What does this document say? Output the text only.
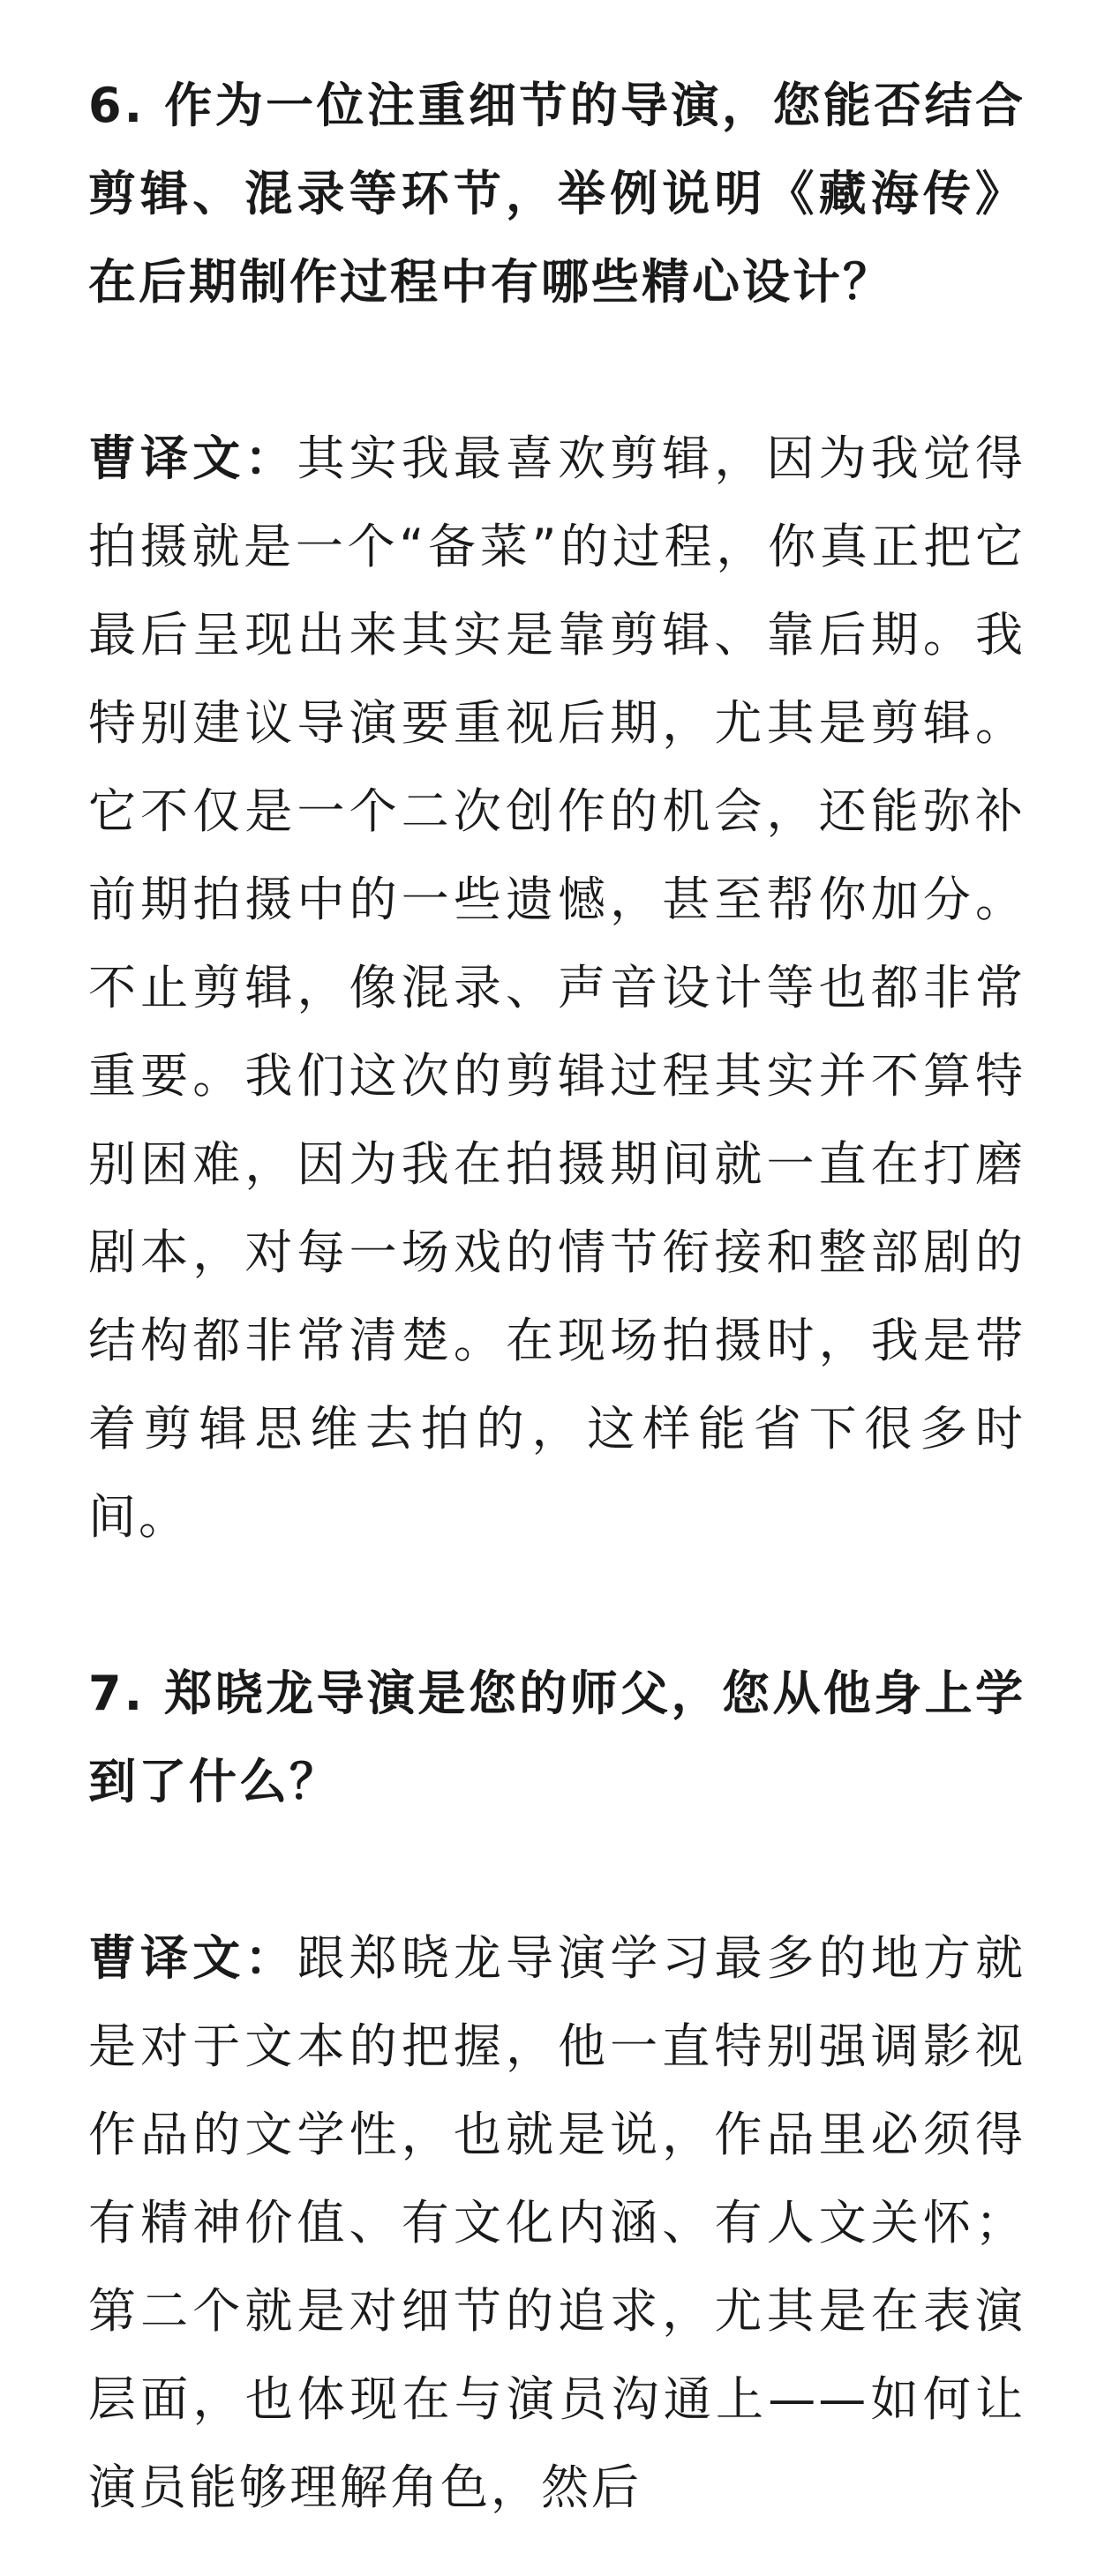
6. 作为一位注重细节的导演，您能否结合剪辑、混录等环节，举例说明《藏海传》在后期制作过程中有哪些精心设计？

曹译文：其实我最喜欢剪辑，因为我觉得拍摄就是一个“备菜”的过程，你真正把它最后呈现出来其实是靠剪辑、靠后期。我特别建议导演要重视后期，尤其是剪辑。它不仅是一个二次创作的机会，还能弥补前期拍摄中的一些遗憾，甚至帮你加分。不止剪辑，像混录、声音设计等也都非常重要。我们这次的剪辑过程其实并不算特别困难，因为我在拍摄期间就一直在打磨剧本，对每一场戏的情节衔接和整部剧的结构都非常清楚。在现场拍摄时，我是带着剪辑思维去拍的，这样能省下很多时间。

7. 郑晓龙导演是您的师父，您从他身上学到了什么？

曹译文：跟郑晓龙导演学习最多的地方就是对于文本的把握，他一直特别强调影视作品的文学性，也就是说，作品里必须得有精神价值、有文化内涵、有人文关怀；第二个就是对细节的追求，尤其是在表演层面，也体现在与演员沟通上——如何让演员能够理解角色，然后
